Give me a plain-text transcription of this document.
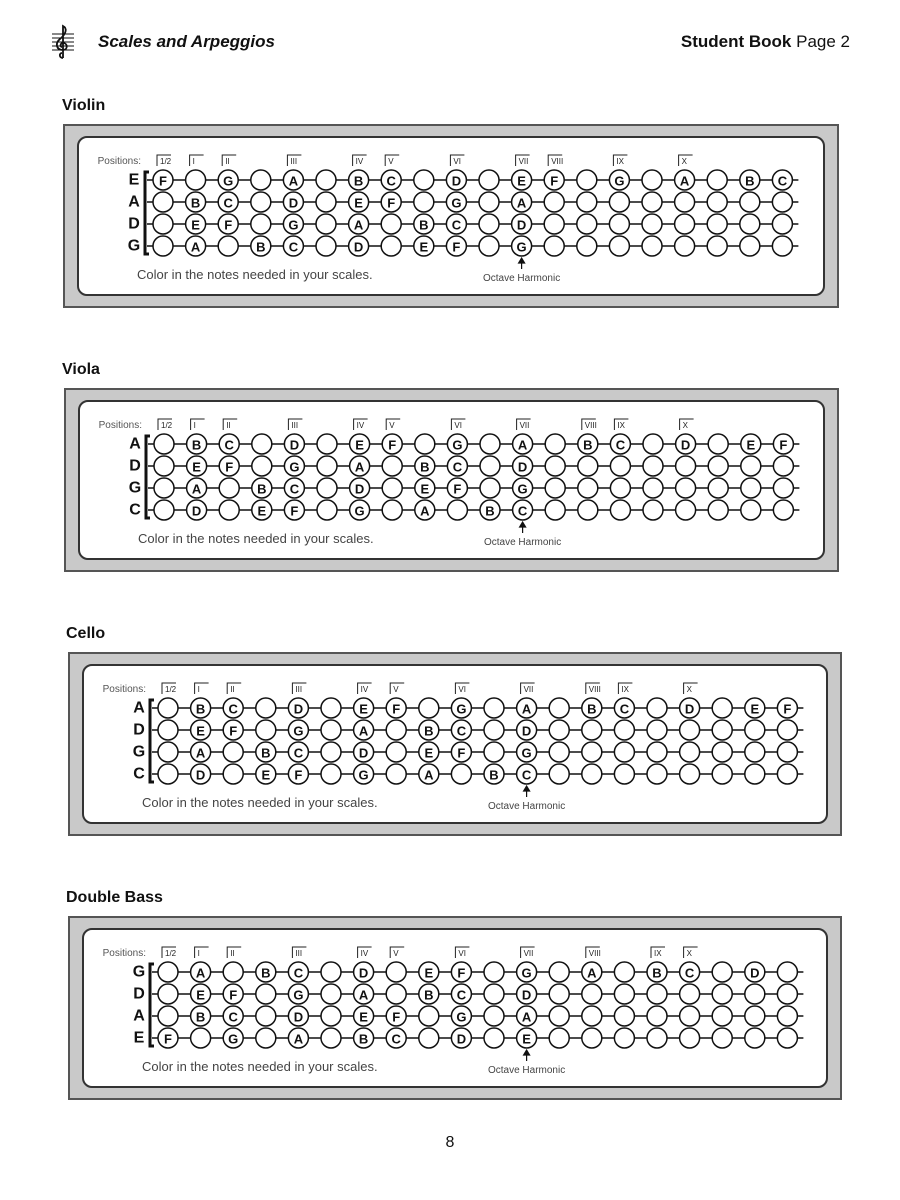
Scales and Arpeggios	Student Book Page 2
Violin
Positions: 1/2	I	II	III	IV	V	VI	VII	VIII	IX	X
E F	G	A	B C	D	E F	G	A	B C
A	B C	D	E F	G	A
D	E F	G	A	B C	D
G	A	B C	D	E F	G
Octave Harmonic
Color in the notes needed in your scales.
Viola
Positions: 1/2	I	II	III	IV	V	VI	VII	VIII	IX	X
A	B C	D	E F	G	A	B C	D	E F
D	E F	G	A	B C	D
G	A	B C	D	E F	G
C	D	E F	G	A	B C
Octave Harmonic
Color in the notes needed in your scales.
Cello
Positions: 1/2	I	II	III	IV	V	VI	VII	VIII	IX	X
A	B C	D	E F	G	A	B C	D	E F
D	E F	G	A	B C	D
G	A	B C	D	E F	G
C	D	E F	G	A	B C
Octave Harmonic
Color in the notes needed in your scales.
Double Bass
Positions: 1/2	I	II	III	IV	V	VI	VII	VIII	IX	X
G	A	B C	D	E F	G	A	B C	D
D	E F	G	A	B C	D
A	B C	D	E F	G	A
E F	G	A	B C	D	E
Octave Harmonic
Color in the notes needed in your scales.
8
